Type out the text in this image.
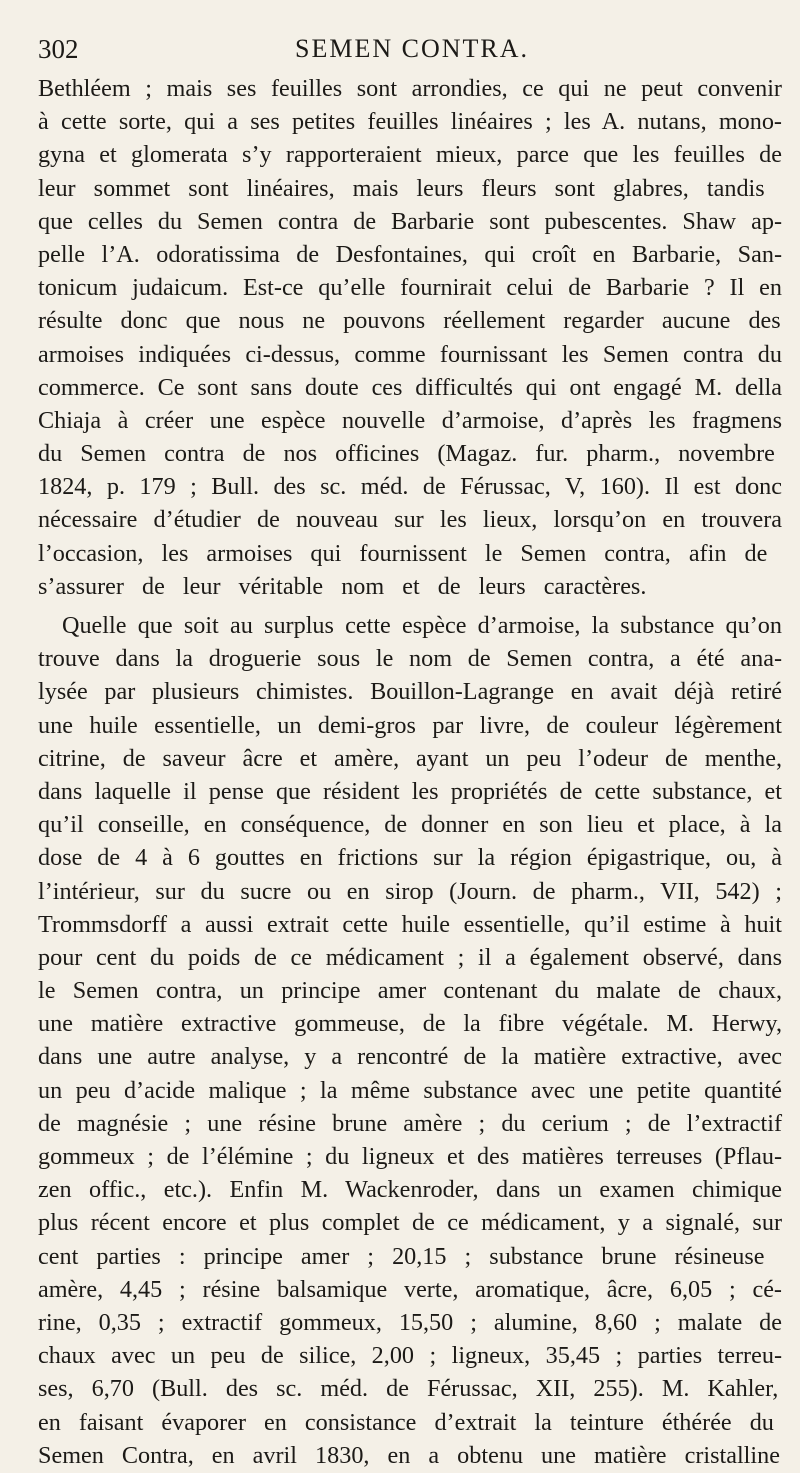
302	SEMEN CONTRA.
Bethléem ; mais ses feuilles sont arrondies, ce qui ne peut convenir
à cette sorte, qui a ses petites feuilles linéaires ; les A. nutans, mono-
gyna et glomerata s’y rapporteraient mieux, parce que les feuilles de
leur sommet sont linéaires, mais leurs fleurs sont glabres, tandis
que celles du Semen contra de Barbarie sont pubescentes. Shaw ap-
pelle l’A. odoratissima de Desfontaines, qui croît en Barbarie, San-
tonicum judaicum. Est-ce qu’elle fournirait celui de Barbarie ? Il en
résulte donc que nous ne pouvons réellement regarder aucune des
armoises indiquées ci-dessus, comme fournissant les Semen contra du
commerce. Ce sont sans doute ces difficultés qui ont engagé M. della
Chiaja à créer une espèce nouvelle d’armoise, d’après les fragmens
du Semen contra de nos officines (Magaz. fur. pharm., novembre
1824, p. 179 ; Bull. des sc. méd. de Férussac, V, 160). Il est donc
nécessaire d’étudier de nouveau sur les lieux, lorsqu’on en trouvera
l’occasion, les armoises qui fournissent le Semen contra, afin de
s’assurer de leur véritable nom et de leurs caractères.
Quelle que soit au surplus cette espèce d’armoise, la substance qu’on
trouve dans la droguerie sous le nom de Semen contra, a été ana-
lysée par plusieurs chimistes. Bouillon-Lagrange en avait déjà retiré
une huile essentielle, un demi-gros par livre, de couleur légèrement
citrine, de saveur âcre et amère, ayant un peu l’odeur de menthe,
dans laquelle il pense que résident les propriétés de cette substance, et
qu’il conseille, en conséquence, de donner en son lieu et place, à la
dose de 4 à 6 gouttes en frictions sur la région épigastrique, ou, à
l’intérieur, sur du sucre ou en sirop (Journ. de pharm., VII, 542) ;
Trommsdorff a aussi extrait cette huile essentielle, qu’il estime à huit
pour cent du poids de ce médicament ; il a également observé, dans
le Semen contra, un principe amer contenant du malate de chaux,
une matière extractive gommeuse, de la fibre végétale. M. Herwy,
dans une autre analyse, y a rencontré de la matière extractive, avec
un peu d’acide malique ; la même substance avec une petite quantité
de magnésie ; une résine brune amère ; du cerium ; de l’extractif
gommeux ; de l’élémine ; du ligneux et des matières terreuses (Pflau-
zen offic., etc.). Enfin M. Wackenroder, dans un examen chimique
plus récent encore et plus complet de ce médicament, y a signalé, sur
cent parties : principe amer ; 20,15 ; substance brune résineuse
amère, 4,45 ; résine balsamique verte, aromatique, âcre, 6,05 ; cé-
rine, 0,35 ; extractif gommeux, 15,50 ; alumine, 8,60 ; malate de
chaux avec un peu de silice, 2,00 ; ligneux, 35,45 ; parties terreu-
ses, 6,70 (Bull. des sc. méd. de Férussac, XII, 255). M. Kahler,
en faisant évaporer en consistance d’extrait la teinture éthérée du
Semen Contra, en avril 1830, en a obtenu une matière cristalline
